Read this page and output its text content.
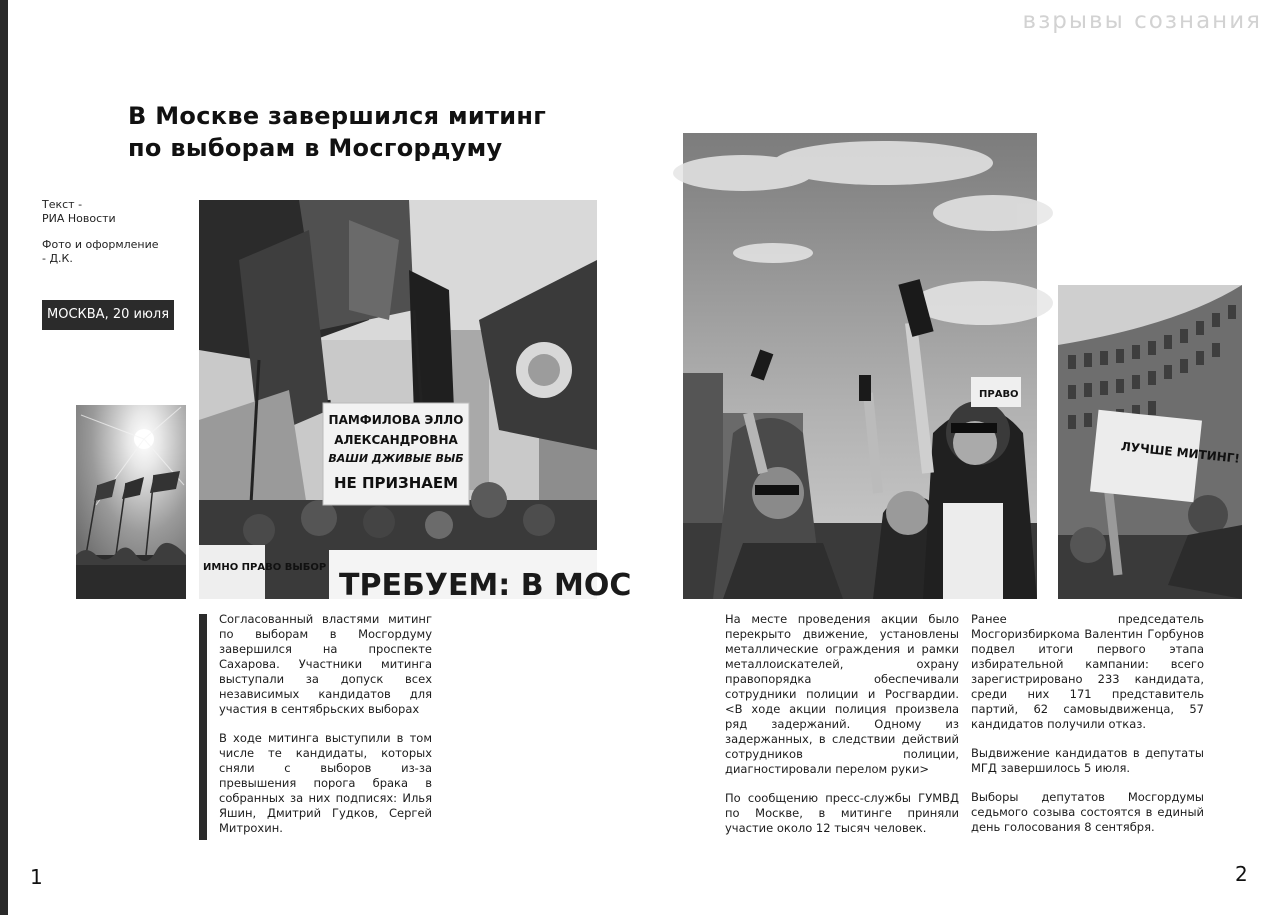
взрывы сознания
В Москве завершился митинг
по выборам в Мосгордуму
Текст -
РИА Новости
Фото и оформление
- Д.К.
МОСКВА, 20 июля
ПАМФИЛОВА ЭЛЛО
АЛЕКСАНДРОВНА
ВАШИ ДЖИВЫЕ ВЫБ
НЕ ПРИЗНАЕМ
ИМНО ПРАВО ВЫБОР
ТРЕБУЕМ: В МОС
ПРАВО
ЛУЧШЕ МИТИНГ!

Согласованный властями митинг по выборам в Мосгордуму завершился на проспекте Сахарова. Участники митинга выступали за допуск всех независимых кандидатов для участия в сентябрьских выборах

В ходе митинга выступили в том числе те кандидаты, которых сняли с выборов из-за превышения порога брака в собранных за них подписях: Илья Яшин, Дмитрий Гудков, Сергей Митрохин.

На месте проведения акции было перекрыто движение, установлены металлические ограждения и рамки металлоискателей, охрану правопорядка обеспечивали сотрудники полиции и Росгвардии. <В ходе акции полиция произвела ряд задержаний. Одному из задержанных, в следствии действий сотрудников полиции, диагностировали перелом руки>

По сообщению пресс-службы ГУМВД по Москве, в митинге приняли участие около 12 тысяч человек.

Ранее председатель Мосгоризбиркома Валентин Горбунов подвел итоги первого этапа избирательной кампании: всего зарегистрировано 233 кандидата, среди них 171 представитель партий, 62 самовыдвиженца, 57 кандидатов получили отказ.

Выдвижение кандидатов в депутаты МГД завершилось 5 июля.

Выборы депутатов Мосгордумы седьмого созыва состоятся в единый день голосования 8 сентября.

1	2
